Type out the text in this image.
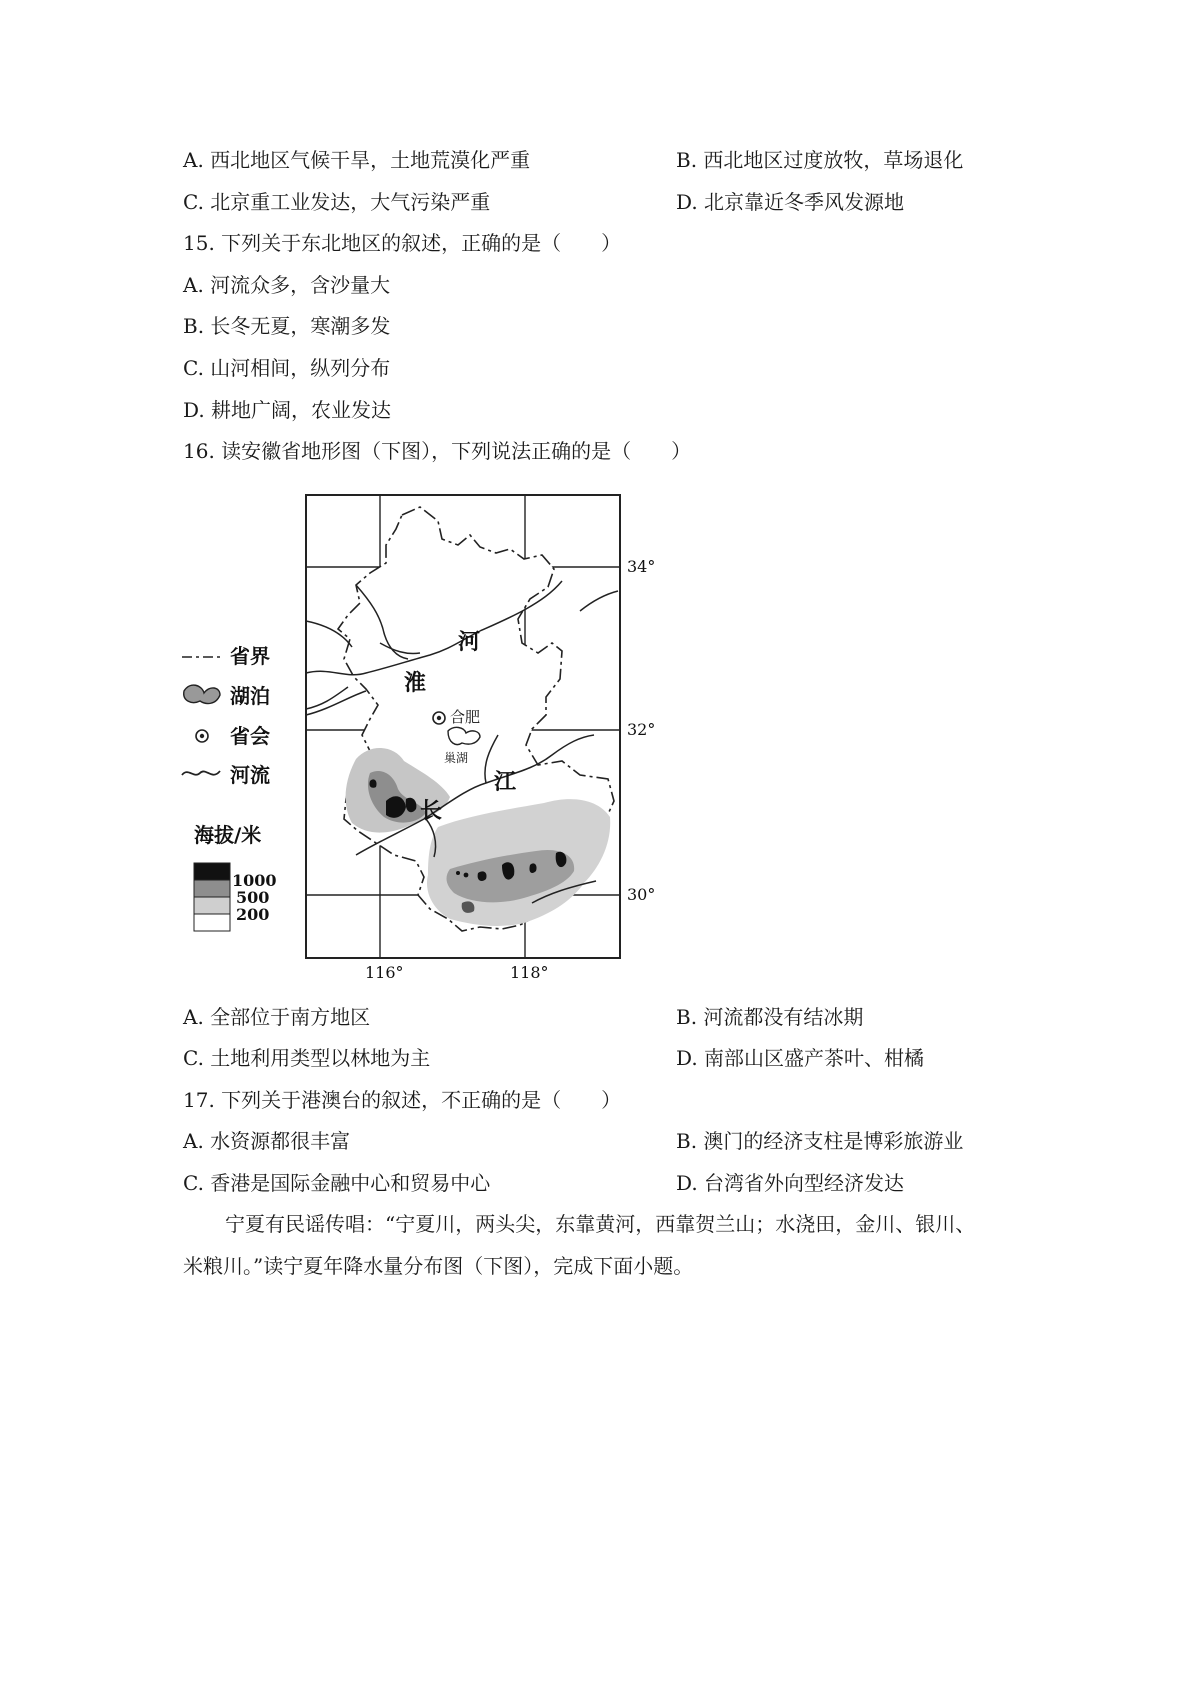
A. 西北地区气候干旱，土地荒漠化严重	B. 西北地区过度放牧，草场退化
C. 北京重工业发达，大气污染严重	D. 北京靠近冬季风发源地
15. 下列关于东北地区的叙述，正确的是（　　）
A. 河流众多，含沙量大
B. 长冬无夏，寒潮多发
C. 山河相间，纵列分布
D. 耕地广阔，农业发达
16. 读安徽省地形图（下图），下列说法正确的是（　　）
合肥
巢湖
河
淮
长
江
34°
32°
30°
116°	118°
省界
湖泊
省会
河流
海拔/米
1000
500
200
A. 全部位于南方地区	B. 河流都没有结冰期
C. 土地利用类型以林地为主	D. 南部山区盛产茶叶、柑橘
17. 下列关于港澳台的叙述，不正确的是（　　）
A. 水资源都很丰富	B. 澳门的经济支柱是博彩旅游业
C. 香港是国际金融中心和贸易中心	D. 台湾省外向型经济发达
宁夏有民谣传唱：“宁夏川，两头尖，东靠黄河，西靠贺兰山；水浇田，金川、银川、
米粮川。”读宁夏年降水量分布图（下图），完成下面小题。
